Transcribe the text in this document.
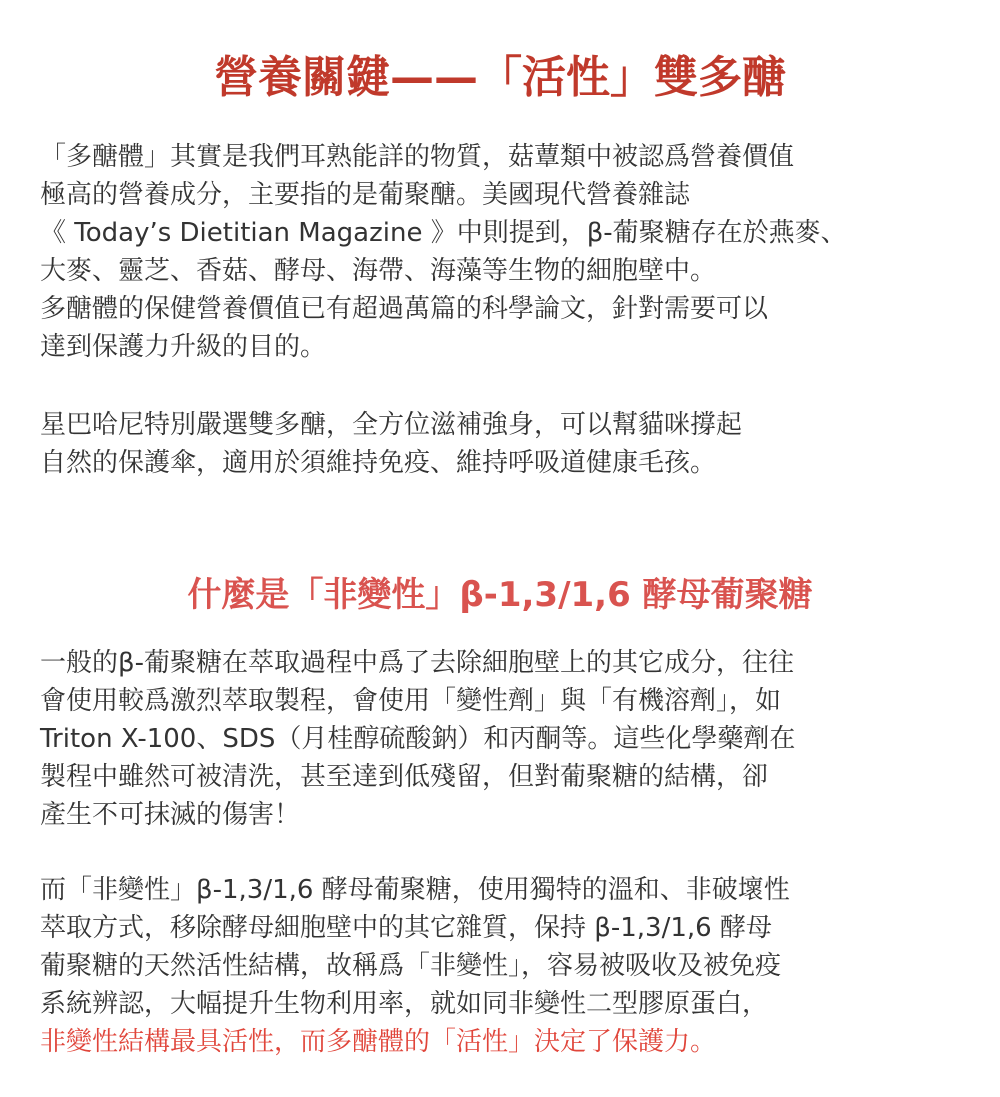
營養關鍵——「活性」雙多醣

「多醣體」其實是我們耳熟能詳的物質，菇蕈類中被認爲營養價值
極高的營養成分，主要指的是葡聚醣。美國現代營養雜誌
《 Today’s Dietitian Magazine 》中則提到，β-葡聚糖存在於燕麥、
大麥、靈芝、香菇、酵母、海帶、海藻等生物的細胞壁中。
多醣體的保健營養價值已有超過萬篇的科學論文，針對需要可以
達到保護力升級的目的。

星巴哈尼特別嚴選雙多醣，全方位滋補強身，可以幫貓咪撐起
自然的保護傘，適用於須維持免疫、維持呼吸道健康毛孩。

什麼是「非變性」β-1,3/1,6 酵母葡聚糖

一般的β-葡聚糖在萃取過程中爲了去除細胞壁上的其它成分，往往
會使用較爲激烈萃取製程，會使用「變性劑」與「有機溶劑」，如
Triton X-100、SDS（月桂醇硫酸鈉）和丙酮等。這些化學藥劑在
製程中雖然可被清洗，甚至達到低殘留，但對葡聚糖的結構，卻
產生不可抹滅的傷害！

而「非變性」β-1,3/1,6 酵母葡聚糖，使用獨特的溫和、非破壞性
萃取方式，移除酵母細胞壁中的其它雜質，保持 β-1,3/1,6 酵母
葡聚糖的天然活性結構，故稱爲「非變性」，容易被吸收及被免疫
系統辨認，大幅提升生物利用率，就如同非變性二型膠原蛋白，
非變性結構最具活性，而多醣體的「活性」決定了保護力。
